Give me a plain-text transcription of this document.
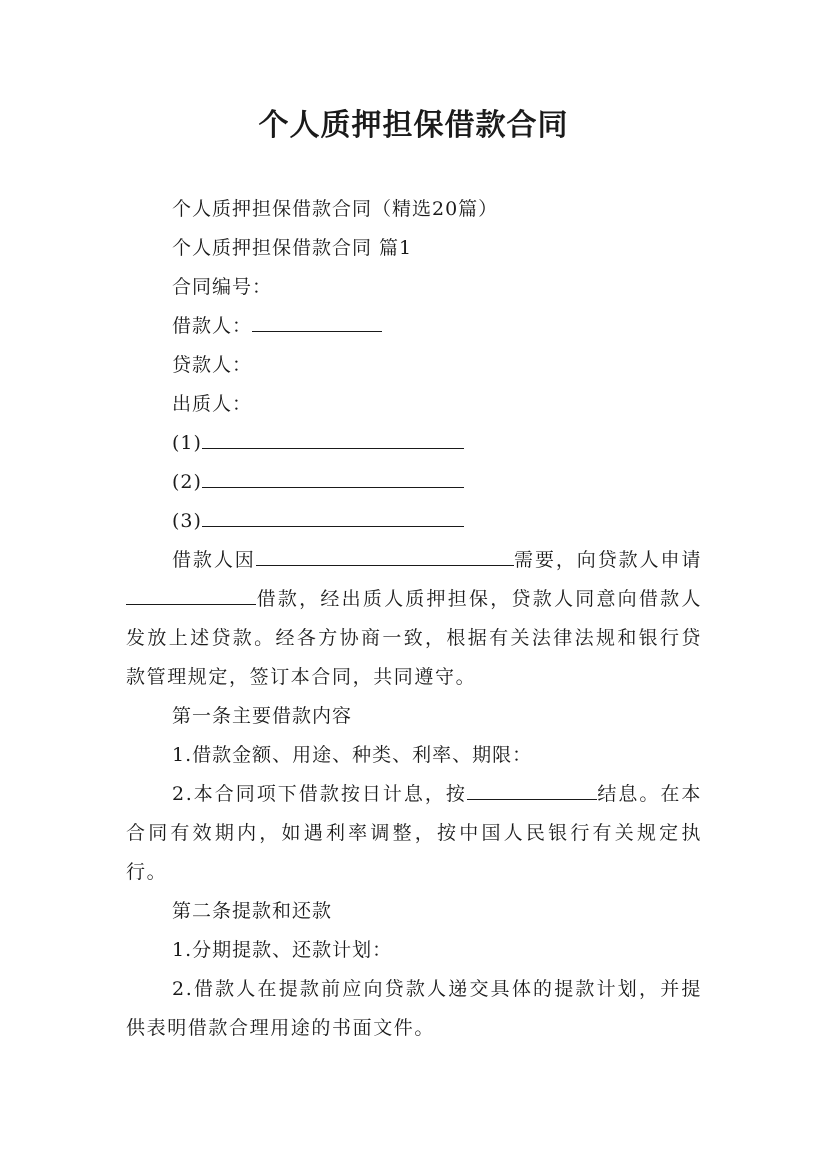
个人质押担保借款合同

个人质押担保借款合同（精选20篇）

个人质押担保借款合同 篇1

合同编号：

借款人：

贷款人：

出质人：

(1)

(2)

(3)

借款人因	需要，向贷款人申请借款，经出质人质押担保，贷款人同意向借款人发放上述贷款。经各方协商一致，根据有关法律法规和银行贷款管理规定，签订本合同，共同遵守。

第一条主要借款内容

1.借款金额、用途、种类、利率、期限：

2.本合同项下借款按日计息，按	结息。在本合同有效期内，如遇利率调整，按中国人民银行有关规定执行。

第二条提款和还款

1.分期提款、还款计划：

2.借款人在提款前应向贷款人递交具体的提款计划，并提供表明借款合理用途的书面文件。
